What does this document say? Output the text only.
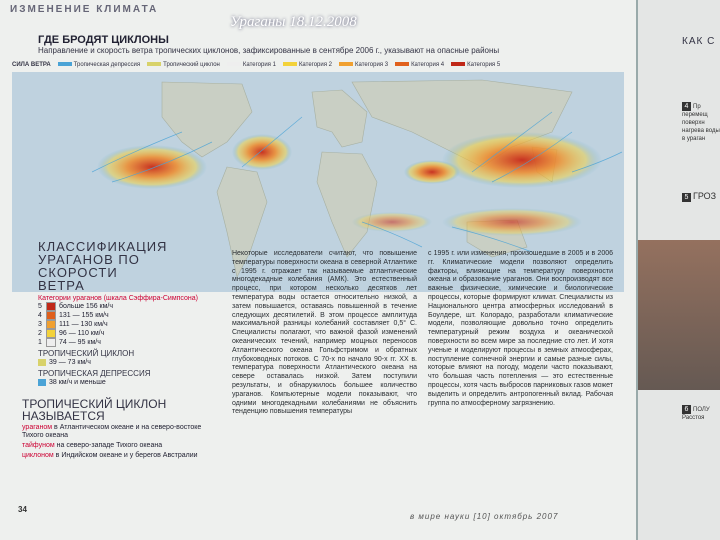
ИЗМЕНЕНИЕ КЛИМАТА
ГДЕ БРОДЯТ ЦИКЛОНЫ
Направление и скорость ветра тропических циклонов, зафиксированные в сентябре 2006 г., указывают на опасные районы
СИЛА ВЕТРА	Тропическая депрессия	Тропический циклон	Категория 1	Категория 2	Категория 3	Категория 4	Категория 5
КЛАССИФИКАЦИЯ
УРАГАНОВ ПО СКОРОСТИ
ВЕТРА
Категории ураганов (шкала Сэффира-Симпсона)
5	больше 156 км/ч
4	131 — 155 км/ч
3	111 — 130 км/ч
2	96 — 110 км/ч
1	74 — 95 км/ч
ТРОПИЧЕСКИЙ ЦИКЛОН
39 — 73 км/ч
ТРОПИЧЕСКАЯ ДЕПРЕССИЯ
38 км/ч и меньше
ТРОПИЧЕСКИЙ ЦИКЛОН
НАЗЫВАЕТСЯ
ураганом в Атлантическом океане и на северо-востоке Тихого океана
тайфуном на северо-западе Тихого океана
циклоном в Индийском океане и у берегов Австралии
Некоторые исследователи считают, что повышение температуры поверхности океана в северной Атлантике с 1995 г. отражает так называемые атлантические многодекадные колебания (АМК). Это естественный процесс, при котором несколько десятков лет температура воды остается относительно низкой, а затем повышается, оставаясь повышенной в течение следующих десятилетий. В этом процессе амплитуда максимальной разницы колебаний составляет 0,5° С. Специалисты полагают, что важной фазой изменений океанических течений, например мощных переносов Атлантического океана Гольфстримом и обратных глубоководных потоков. С 70-х по начало 90-х гг. XX в. температура поверхности Атлантического океана на севере оставалась низкой. Затем поступили результаты, и обнаружилось большее количество ураганов. Компьютерные модели показывают, что одними многодекадными колебаниями не объяснить тенденцию повышения температуры
с 1995 г. или изменения, произошедшие в 2005 и в 2006 гг. Климатические модели позволяют определить факторы, влияющие на температуру поверхности океана и образование ураганов. Они воспроизводят все важные физические, химические и биологические процессы, которые формируют климат. Специалисты из Национального центра атмосферных исследований в Боулдере, шт. Колорадо, разработали климатические модели, позволяющие довольно точно определить температурный режим воздуха и океанической поверхности во всем мире за последние сто лет. И хотя ученые и моделируют процессы в земных атмосферах, поступление солнечной энергии и самые разные силы, которые влияют на погоду, модели часто показывают, что большая часть потепления — это естественные процессы, хотя часть выбросов парниковых газов может выделить и определить антропогенный вклад. Рабочая группа по атмосферному загрязнению.
34
в мире науки [10] октябрь 2007
Ураганы 18.12.2008
КАК С
4 Пр перемещ поверхн нагрева воды в ураган
5 ГРОЗ
6 ПОЛУ Расстоя
